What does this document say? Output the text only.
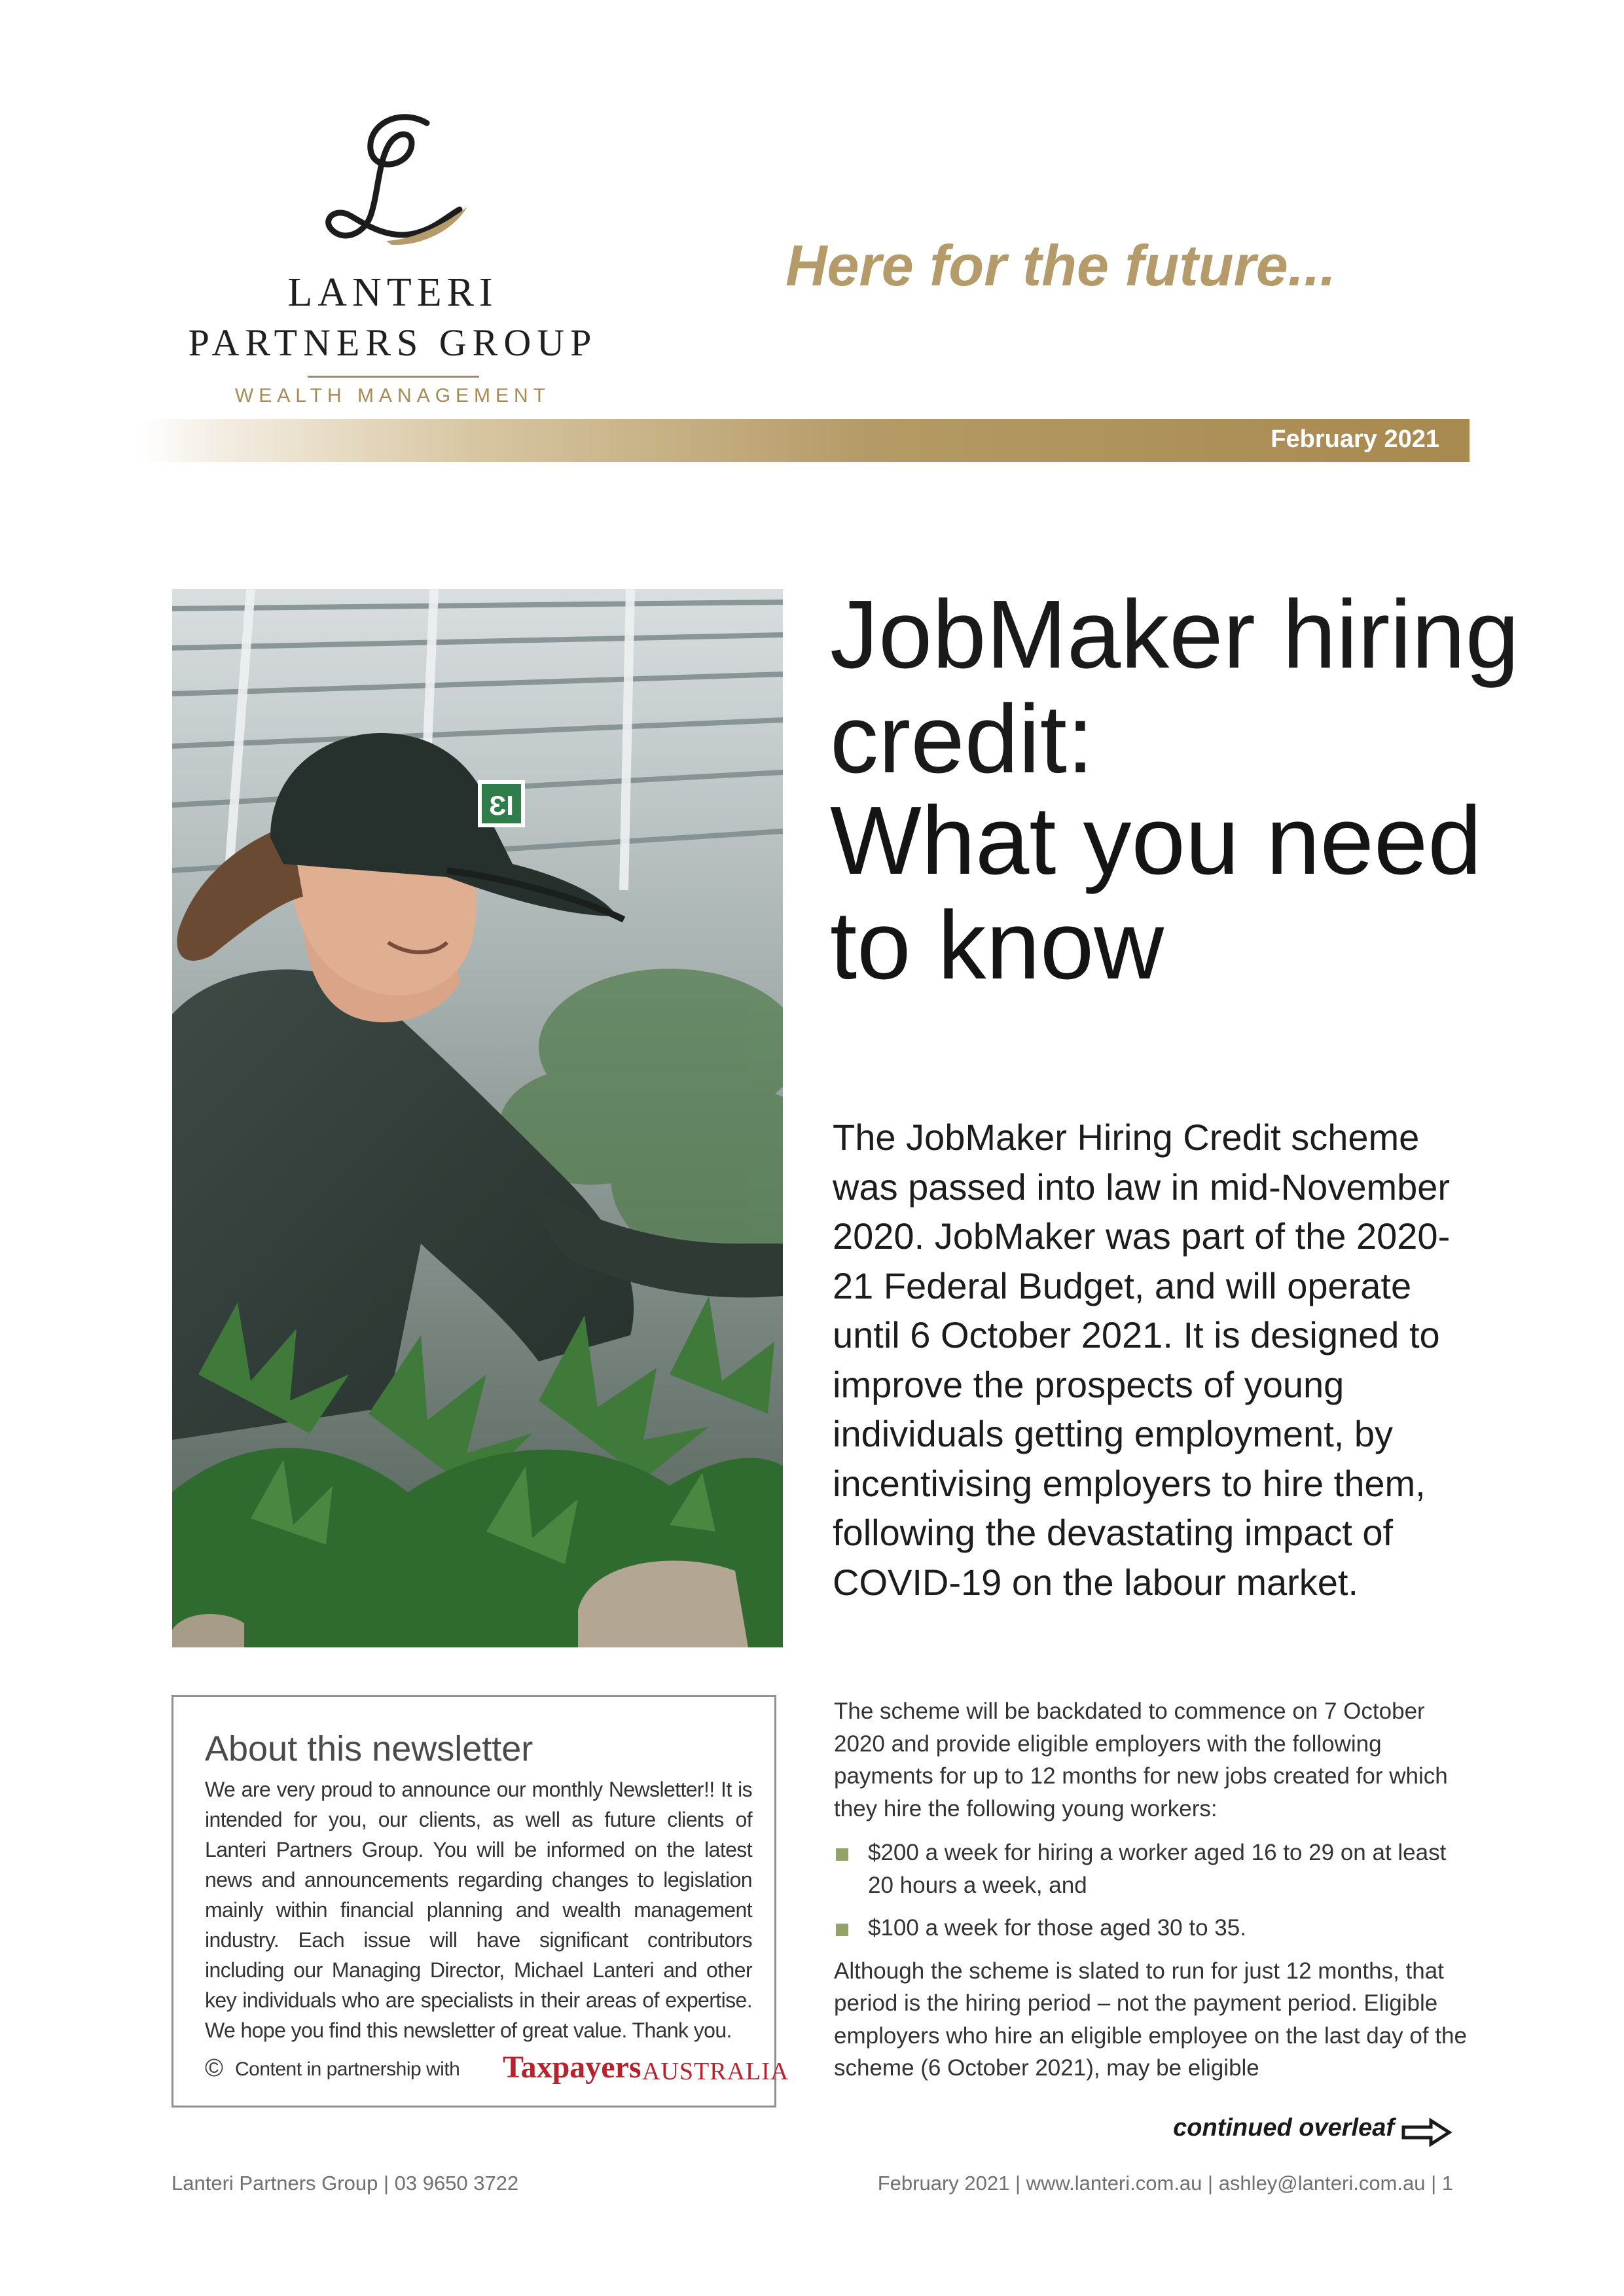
LANTERI
PARTNERS GROUP
WEALTH MANAGEMENT
Here for the future...
February 2021
ƐI
JobMaker hiring credit:
What you need to know
The JobMaker Hiring Credit scheme was passed into law in mid-November 2020. JobMaker was part of the 2020-21 Federal Budget, and will operate until 6 October 2021. It is designed to improve the prospects of young individuals getting employment, by incentivising employers to hire them, following the devastating impact of COVID-19 on the labour market.

The scheme will be backdated to commence on 7 October 2020 and provide eligible employers with the following payments for up to 12 months for new jobs created for which they hire the following young workers:

$200 a week for hiring a worker aged 16 to 29 on at least 20 hours a week, and
$100 a week for those aged 30 to 35.

Although the scheme is slated to run for just 12 months, that period is the hiring period – not the payment period. Eligible employers who hire an eligible employee on the last day of the scheme (6 October 2021), may be eligible

About this newsletter
We are very proud to announce our monthly Newsletter!! It is intended for you, our clients, as well as future clients of Lanteri Partners Group. You will be informed on the latest news and announcements regarding changes to legislation mainly within financial planning and wealth management industry. Each issue will have significant contributors including our Managing Director, Michael Lanteri and other key individuals who are specialists in their areas of expertise. We hope you find this newsletter of great value. Thank you.
© Content in partnership with Taxpayers AUSTRALIA
continued overleaf
Lanteri Partners Group | 03 9650 3722	February 2021 | www.lanteri.com.au | ashley@lanteri.com.au | 1
